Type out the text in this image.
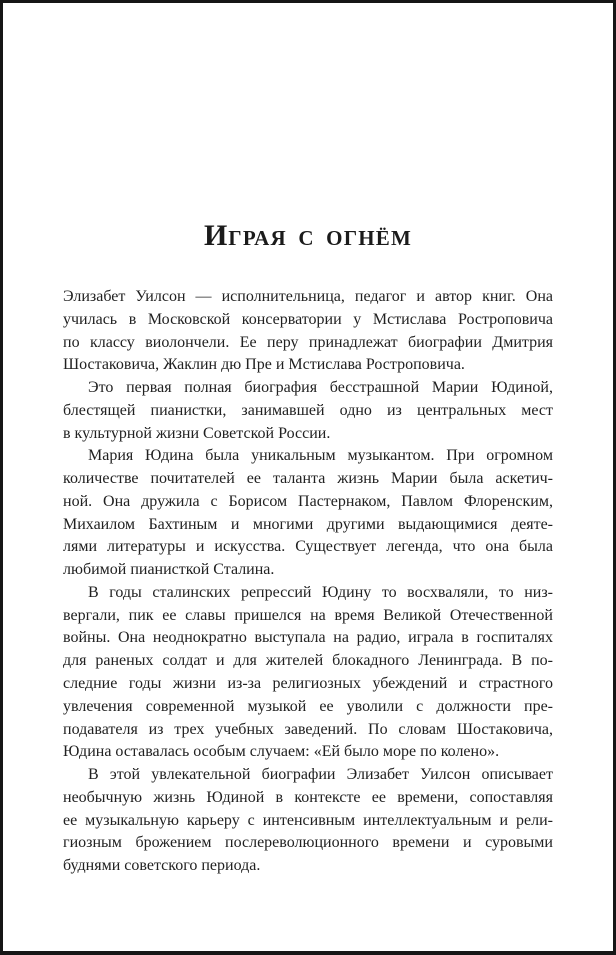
ИГРАЯ С ОГНЁМ
Элизабет Уилсон — исполнительница, педагог и автор книг. Она
училась в Московской консерватории у Мстислава Ростроповича
по классу виолончели. Ее перу принадлежат биографии Дмитрия
Шостаковича, Жаклин дю Пре и Мстислава Ростроповича.
Это первая полная биография бесстрашной Марии Юдиной,
блестящей пианистки, занимавшей одно из центральных мест
в культурной жизни Советской России.
Мария Юдина была уникальным музыкантом. При огромном
количестве почитателей ее таланта жизнь Марии была аскетич-
ной. Она дружила с Борисом Пастернаком, Павлом Флоренским,
Михаилом Бахтиным и многими другими выдающимися деяте-
лями литературы и искусства. Существует легенда, что она была
любимой пианисткой Сталина.
В годы сталинских репрессий Юдину то восхваляли, то низ-
вергали, пик ее славы пришелся на время Великой Отечественной
войны. Она неоднократно выступала на радио, играла в госпиталях
для раненых солдат и для жителей блокадного Ленинграда. В по-
следние годы жизни из-за религиозных убеждений и страстного
увлечения современной музыкой ее уволили с должности пре-
подавателя из трех учебных заведений. По словам Шостаковича,
Юдина оставалась особым случаем: «Ей было море по колено».
В этой увлекательной биографии Элизабет Уилсон описывает
необычную жизнь Юдиной в контексте ее времени, сопоставляя
ее музыкальную карьеру с интенсивным интеллектуальным и рели-
гиозным брожением послереволюционного времени и суровыми
буднями советского периода.
